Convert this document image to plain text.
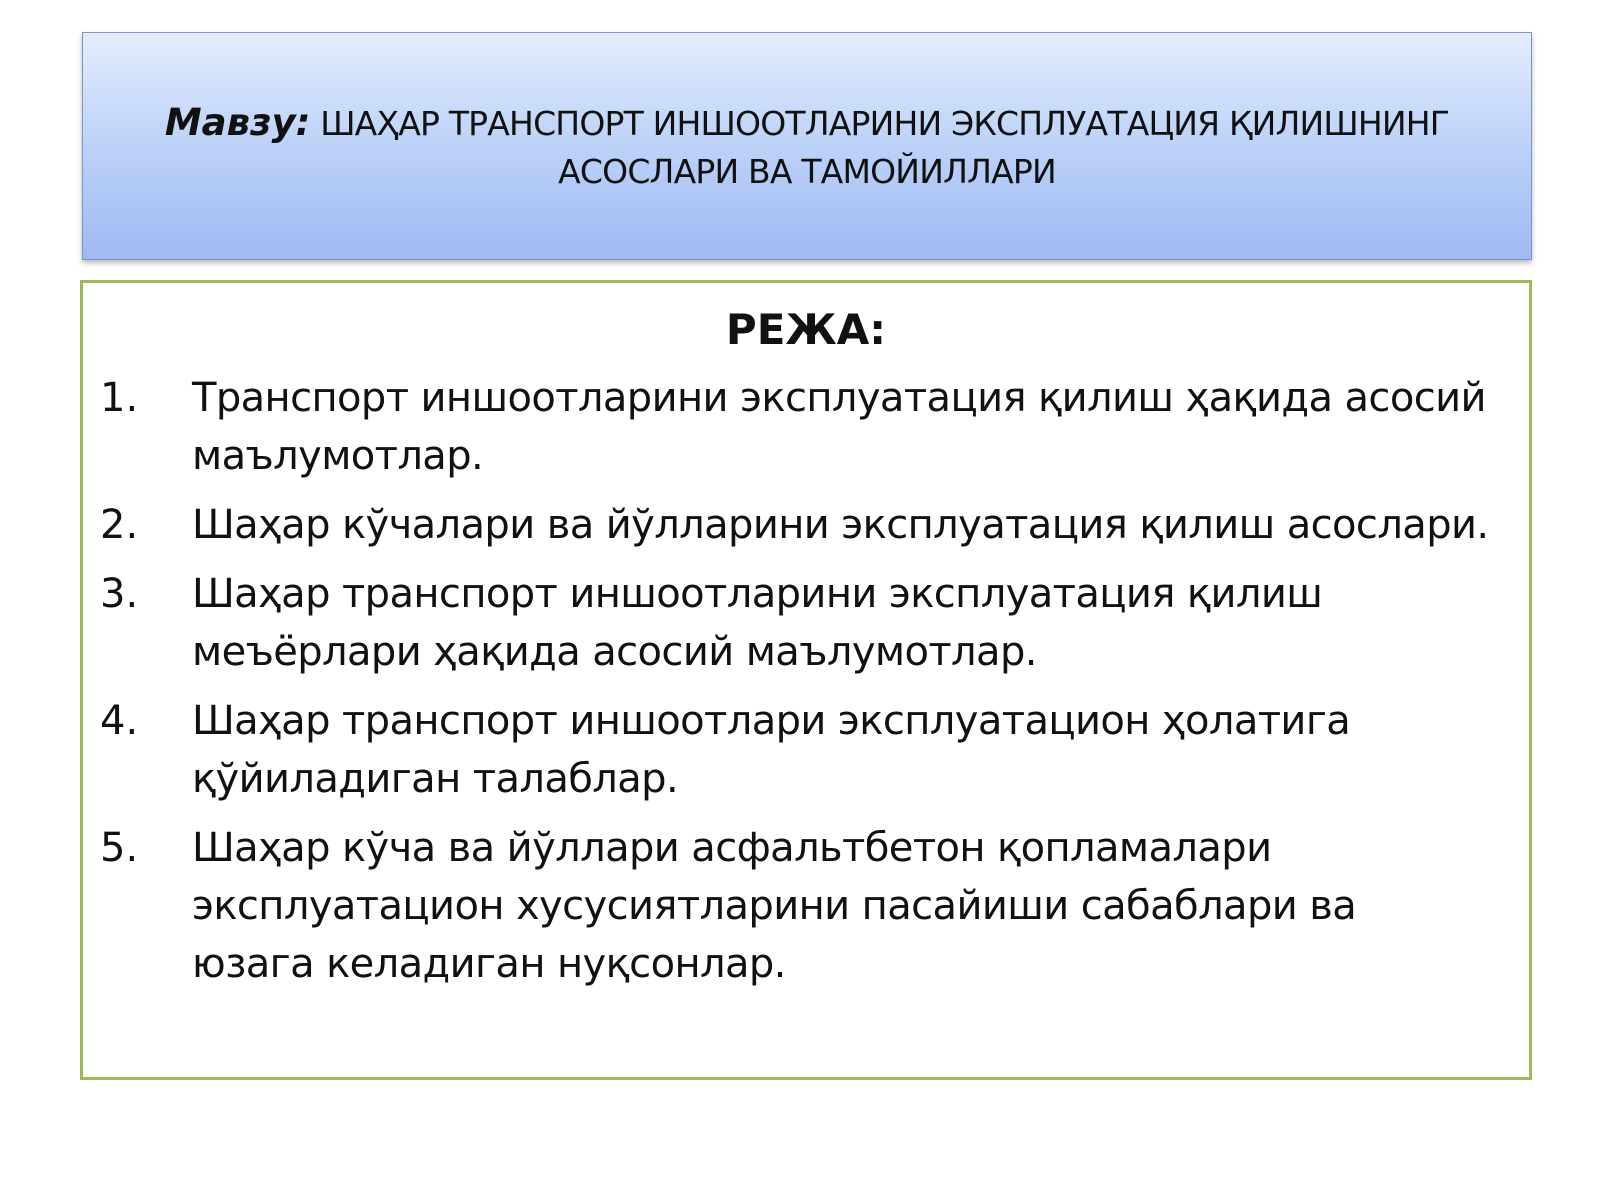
Мавзу: ШАҲАР ТРАНСПОРТ ИНШООТЛАРИНИ ЭКСПЛУАТАЦИЯ ҚИЛИШНИНГ АСОСЛАРИ ВА ТАМОЙИЛЛАРИ
РЕЖА:
1.	Транспорт иншоотларини эксплуатация қилиш ҳақида асосий маълумотлар.
2.	Шаҳар кўчалари ва йўлларини эксплуатация қилиш асослари.
3.	Шаҳар транспорт иншоотларини эксплуатация қилиш меъёрлари ҳақида асосий маълумотлар.
4.	Шаҳар транспорт иншоотлари эксплуатацион ҳолатига қўйиладиган талаблар.
5.	Шаҳар кўча ва йўллари асфальтбетон қопламалари эксплуатацион хусусиятларини пасайиши сабаблари ва юзага келадиган нуқсонлар.
